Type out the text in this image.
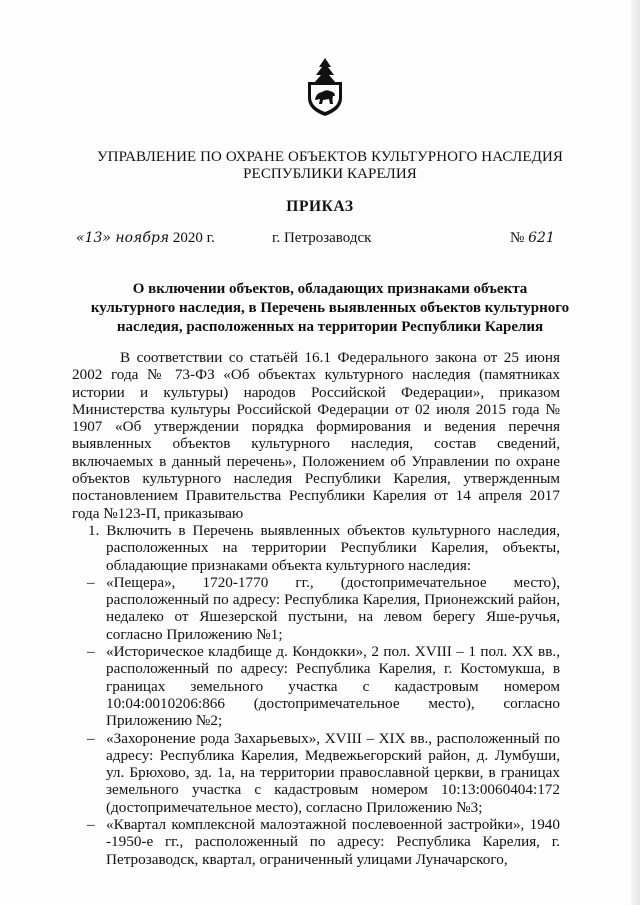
УПРАВЛЕНИЕ ПО ОХРАНЕ ОБЪЕКТОВ КУЛЬТУРНОГО НАСЛЕДИЯ
РЕСПУБЛИКИ КАРЕЛИЯ
ПРИКАЗ
«13» ноября 2020 г.	г. Петрозаводск	№ 621
О включении объектов, обладающих признаками объекта
культурного наследия, в Перечень выявленных объектов культурного
наследия, расположенных на территории Республики Карелия

В соответствии со статьёй 16.1 Федерального закона от 25 июня 2002 года № 73-ФЗ «Об объектах культурного наследия (памятниках истории и культуры) народов Российской Федерации», приказом Министерства культуры Российской Федерации от 02 июля 2015 года № 1907 «Об утверждении порядка формирования и ведения перечня выявленных объектов культурного наследия, состав сведений, включаемых в данный перечень», Положением об Управлении по охране объектов культурного наследия Республики Карелия, утвержденным постановлением Правительства Республики Карелия от 14 апреля 2017 года №123-П, приказываю

1. Включить в Перечень выявленных объектов культурного наследия, расположенных на территории Республики Карелия, объекты, обладающие признаками объекта культурного наследия:

– «Пещера», 1720-1770 гг., (достопримечательное место), расположенный по адресу: Республика Карелия, Прионежский район, недалеко от Яшезерской пустыни, на левом берегу Яше-ручья, согласно Приложению №1;
– «Историческое кладбище д. Кондокки», 2 пол. XVIII – 1 пол. XX вв., расположенный по адресу: Республика Карелия, г. Костомукша, в границах земельного участка с кадастровым номером 10:04:0010206:866 (достопримечательное место), согласно Приложению №2;
– «Захоронение рода Захарьевых», XVIII – XIX вв., расположенный по адресу: Республика Карелия, Медвежьегорский район, д. Лумбуши, ул. Брюхово, зд. 1а, на территории православной церкви, в границах земельного участка с кадастровым номером 10:13:0060404:172 (достопримечательное место), согласно Приложению №3;
– «Квартал комплексной малоэтажной послевоенной застройки», 1940 -1950-е гг., расположенный по адресу: Республика Карелия, г. Петрозаводск, квартал, ограниченный улицами Луначарского,
